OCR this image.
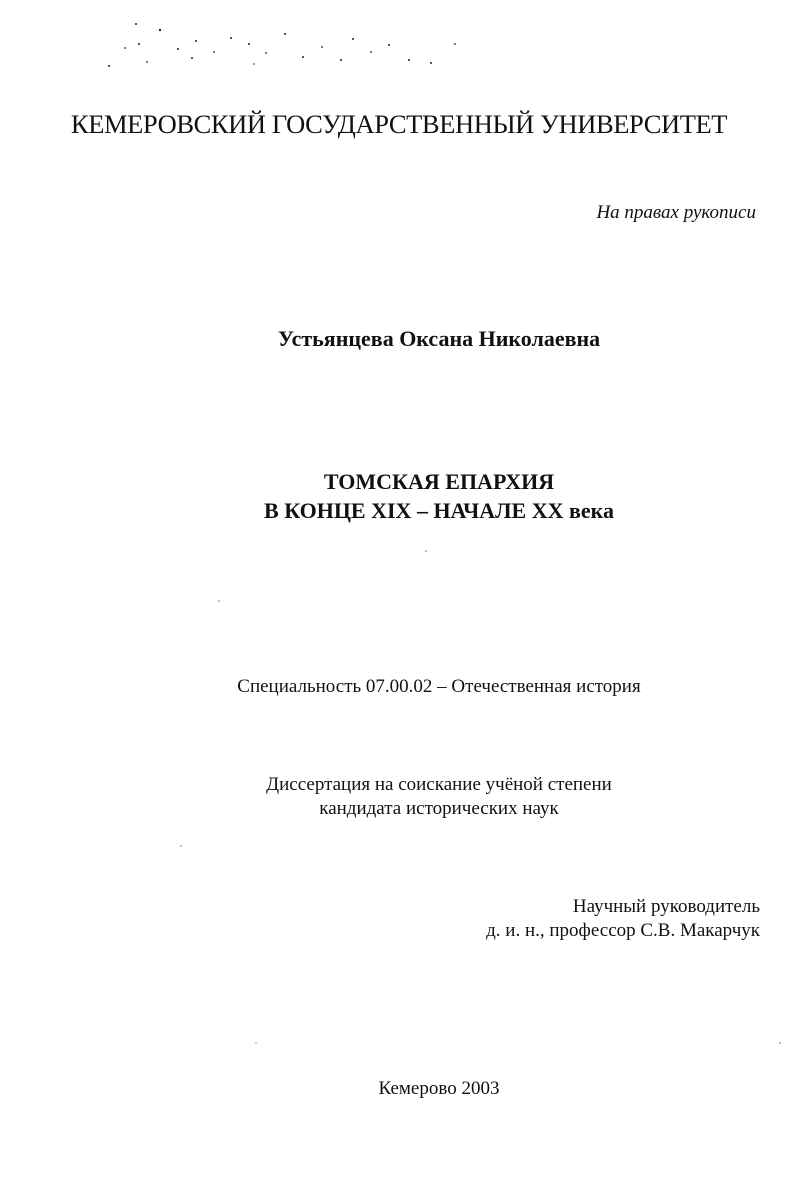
КЕМЕРОВСКИЙ ГОСУДАРСТВЕННЫЙ УНИВЕРСИТЕТ
На правах рукописи
Устьянцева Оксана Николаевна
ТОМСКАЯ ЕПАРХИЯ
В КОНЦЕ XIX – НАЧАЛЕ XX века
Специальность 07.00.02 – Отечественная история
Диссертация на соискание учёной степени
кандидата исторических наук
Научный руководитель
д. и. н., профессор С.В. Макарчук
Кемерово 2003
